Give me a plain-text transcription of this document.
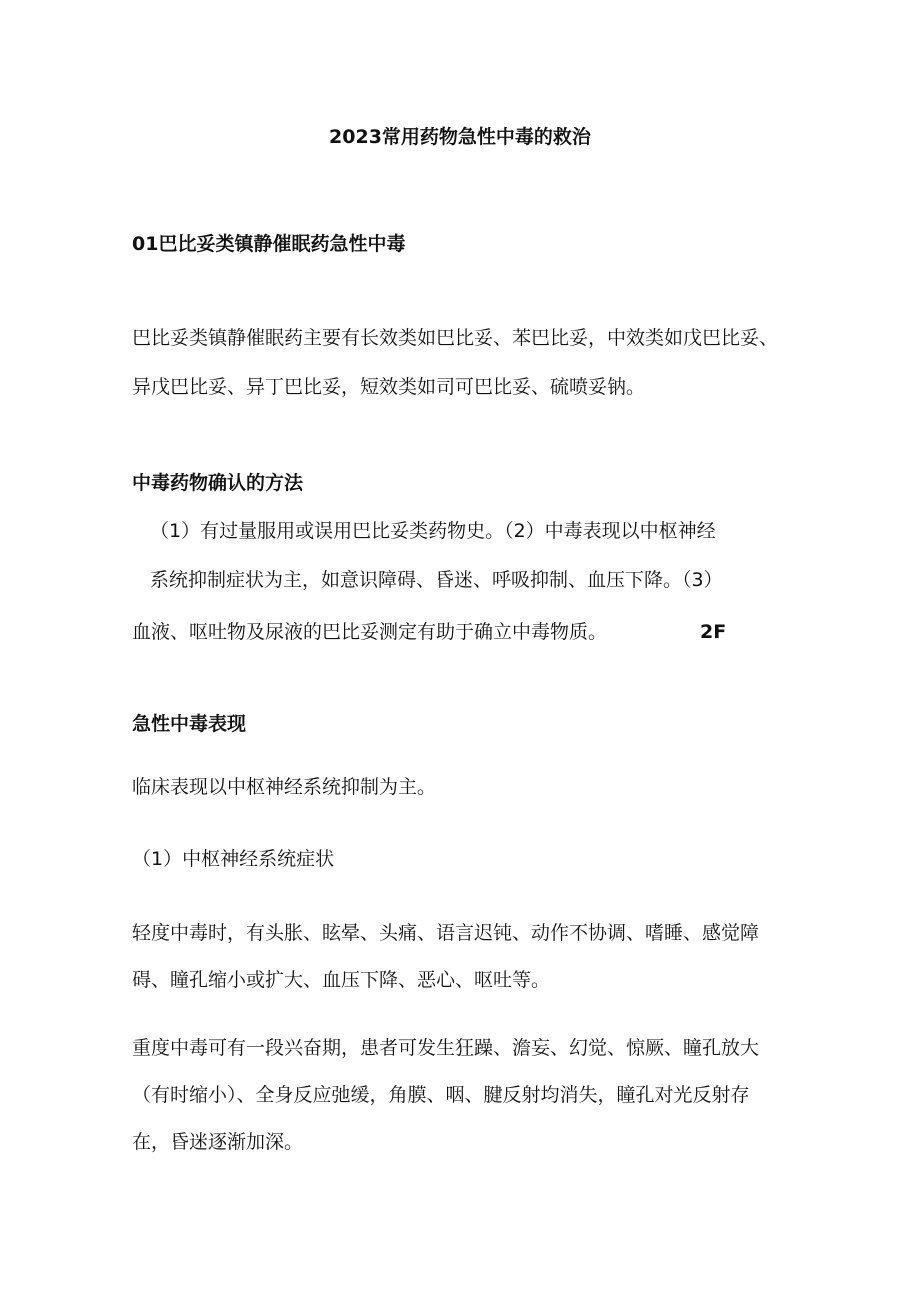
2023常用药物急性中毒的救治
01巴比妥类镇静催眠药急性中毒
巴比妥类镇静催眠药主要有长效类如巴比妥、苯巴比妥，中效类如戊巴比妥、
异戊巴比妥、异丁巴比妥，短效类如司可巴比妥、硫喷妥钠。
中毒药物确认的方法
（1）有过量服用或误用巴比妥类药物史。（2）中毒表现以中枢神经
系统抑制症状为主，如意识障碍、昏迷、呼吸抑制、血压下降。（3）
血液、呕吐物及尿液的巴比妥测定有助于确立中毒物质。	2F
急性中毒表现
临床表现以中枢神经系统抑制为主。
（1）中枢神经系统症状
轻度中毒时，有头胀、眩晕、头痛、语言迟钝、动作不协调、嗜睡、感觉障
碍、瞳孔缩小或扩大、血压下降、恶心、呕吐等。
重度中毒可有一段兴奋期，患者可发生狂躁、澹妄、幻觉、惊厥、瞳孔放大
（有时缩小）、全身反应弛缓，角膜、咽、腱反射均消失，瞳孔对光反射存
在，昏迷逐渐加深。
